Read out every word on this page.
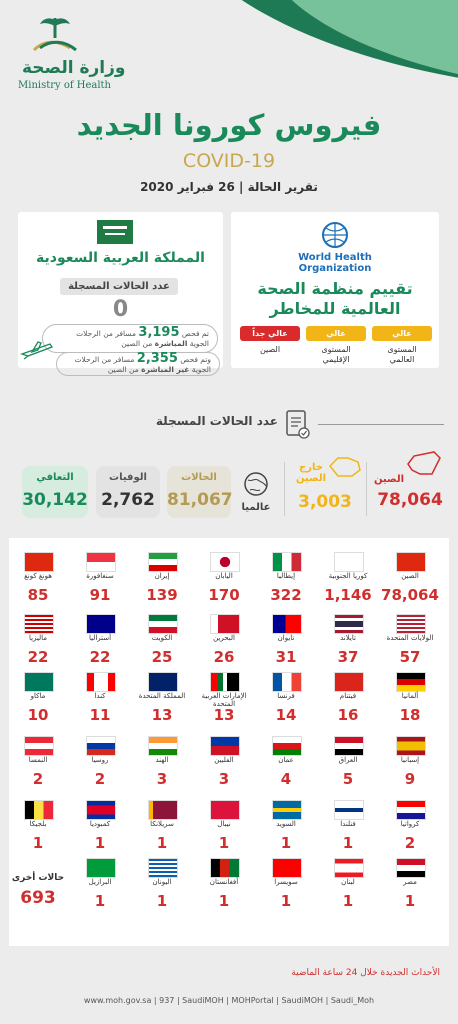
وزارة الصحة
Ministry of Health
فيروس كورونا الجديد
COVID-19
تقرير الحالة | 26 فبراير 2020
World Health
Organization
تقييم منظمة الصحة
العالمية للمخاطر
عالي
المستوى
العالمي
عالي
المستوى
الإقليمي
عالي جداً
الصين
المملكة العربية السعودية
عدد الحالات المسجلة
0
تم فحص 3,195 مسافر من الرحلات
الجوية المباشرة من الصين
وتم فحص 2,355 مسافر من الرحلات
الجوية غير المباشرة من الصين
عدد الحالات المسجلة
الصين
78,064
خارج
الصين
3,003
عالميا
الحالات
81,067
الوفيات
2,762
التعافي
30,142
الصين
78,064
كوريا الجنوبية
1,146
إيطاليا
322
اليابان
170
إيران
139
سنغافورة
91
هونغ كونغ
85
الولايات المتحدة
57
تايلاند
37
تايوان
31
البحرين
26
الكويت
25
أستراليا
22
ماليزيا
22
ألمانيا
18
فيتنام
16
فرنسا
14
الإمارات العربية المتحدة
13
المملكة المتحدة
13
كندا
11
ماكاو
10
إسبانيا
9
العراق
5
عمان
4
الفلبين
3
الهند
3
روسيا
2
النمسا
2
كرواتيا
2
فنلندا
1
السويد
1
نيبال
1
سريلانكا
1
كمبوديا
1
بلجيكا
1
مصر
1
لبنان
1
سويسرا
1
أفغانستان
1
اليونان
1
البرازيل
1
حالات أخرى
693
الأحداث الجديدة خلال 24 ساعة الماضية
www.moh.gov.sa | 937 | SaudiMOH | MOHPortal | SaudiMOH | Saudi_Moh
